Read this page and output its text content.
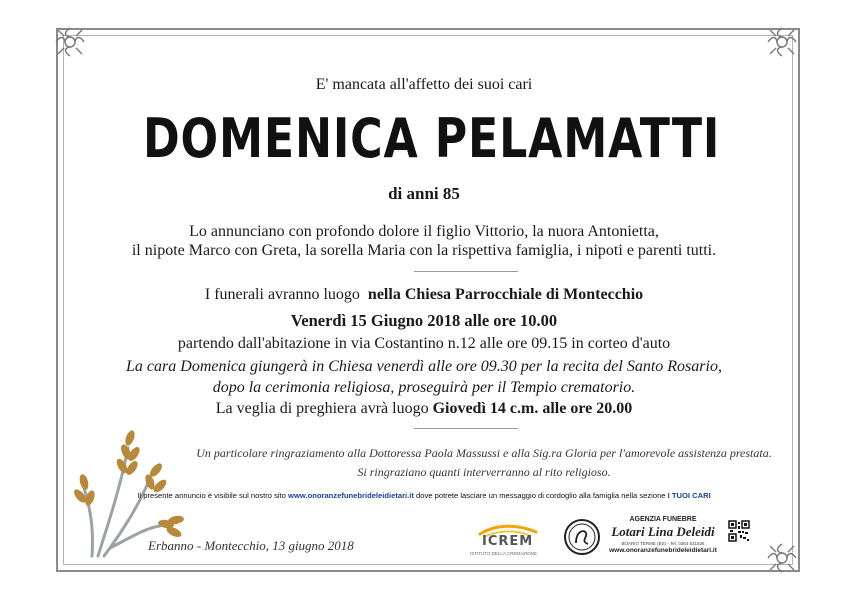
E' mancata all'affetto dei suoi cari
DOMENICA PELAMATTI
di anni 85
Lo annunciano con profondo dolore il figlio Vittorio, la nuora Antonietta,
il nipote Marco con Greta, la sorella Maria con la rispettiva famiglia, i nipoti e parenti tutti.
I funerali avranno luogo nella Chiesa Parrocchiale di Montecchio
Venerdì 15 Giugno 2018 alle ore 10.00
partendo dall'abitazione in via Costantino n.12 alle ore 09.15 in corteo d'auto
La cara Domenica giungerà in Chiesa venerdì alle ore 09.30 per la recita del Santo Rosario,
dopo la cerimonia religiosa, proseguirà per il Tempio crematorio.
La veglia di preghiera avrà luogo Giovedì 14 c.m. alle ore 20.00
Un particolare ringraziamento alla Dottoressa Paola Massussi e alla Sig.ra Gloria per l'amorevole assistenza prestata.
Si ringraziano quanti interverranno al rito religioso.
Il presente annuncio è visibile sul nostro sito www.onoranzefunebrideleidietari.it dove potrete lasciare un messaggio di cordoglio alla famiglia nella sezione I TUOI CARI
Erbanno - Montecchio, 13 giugno 2018	ICREM
ISTITUTO DELLA CREMAZIONE
AGENZIA FUNEBRE
Lotari Lina Deleidi
BOARIO TERME (BS) - Tel. 0364 531536
www.onoranzefunebrideleidietari.it
